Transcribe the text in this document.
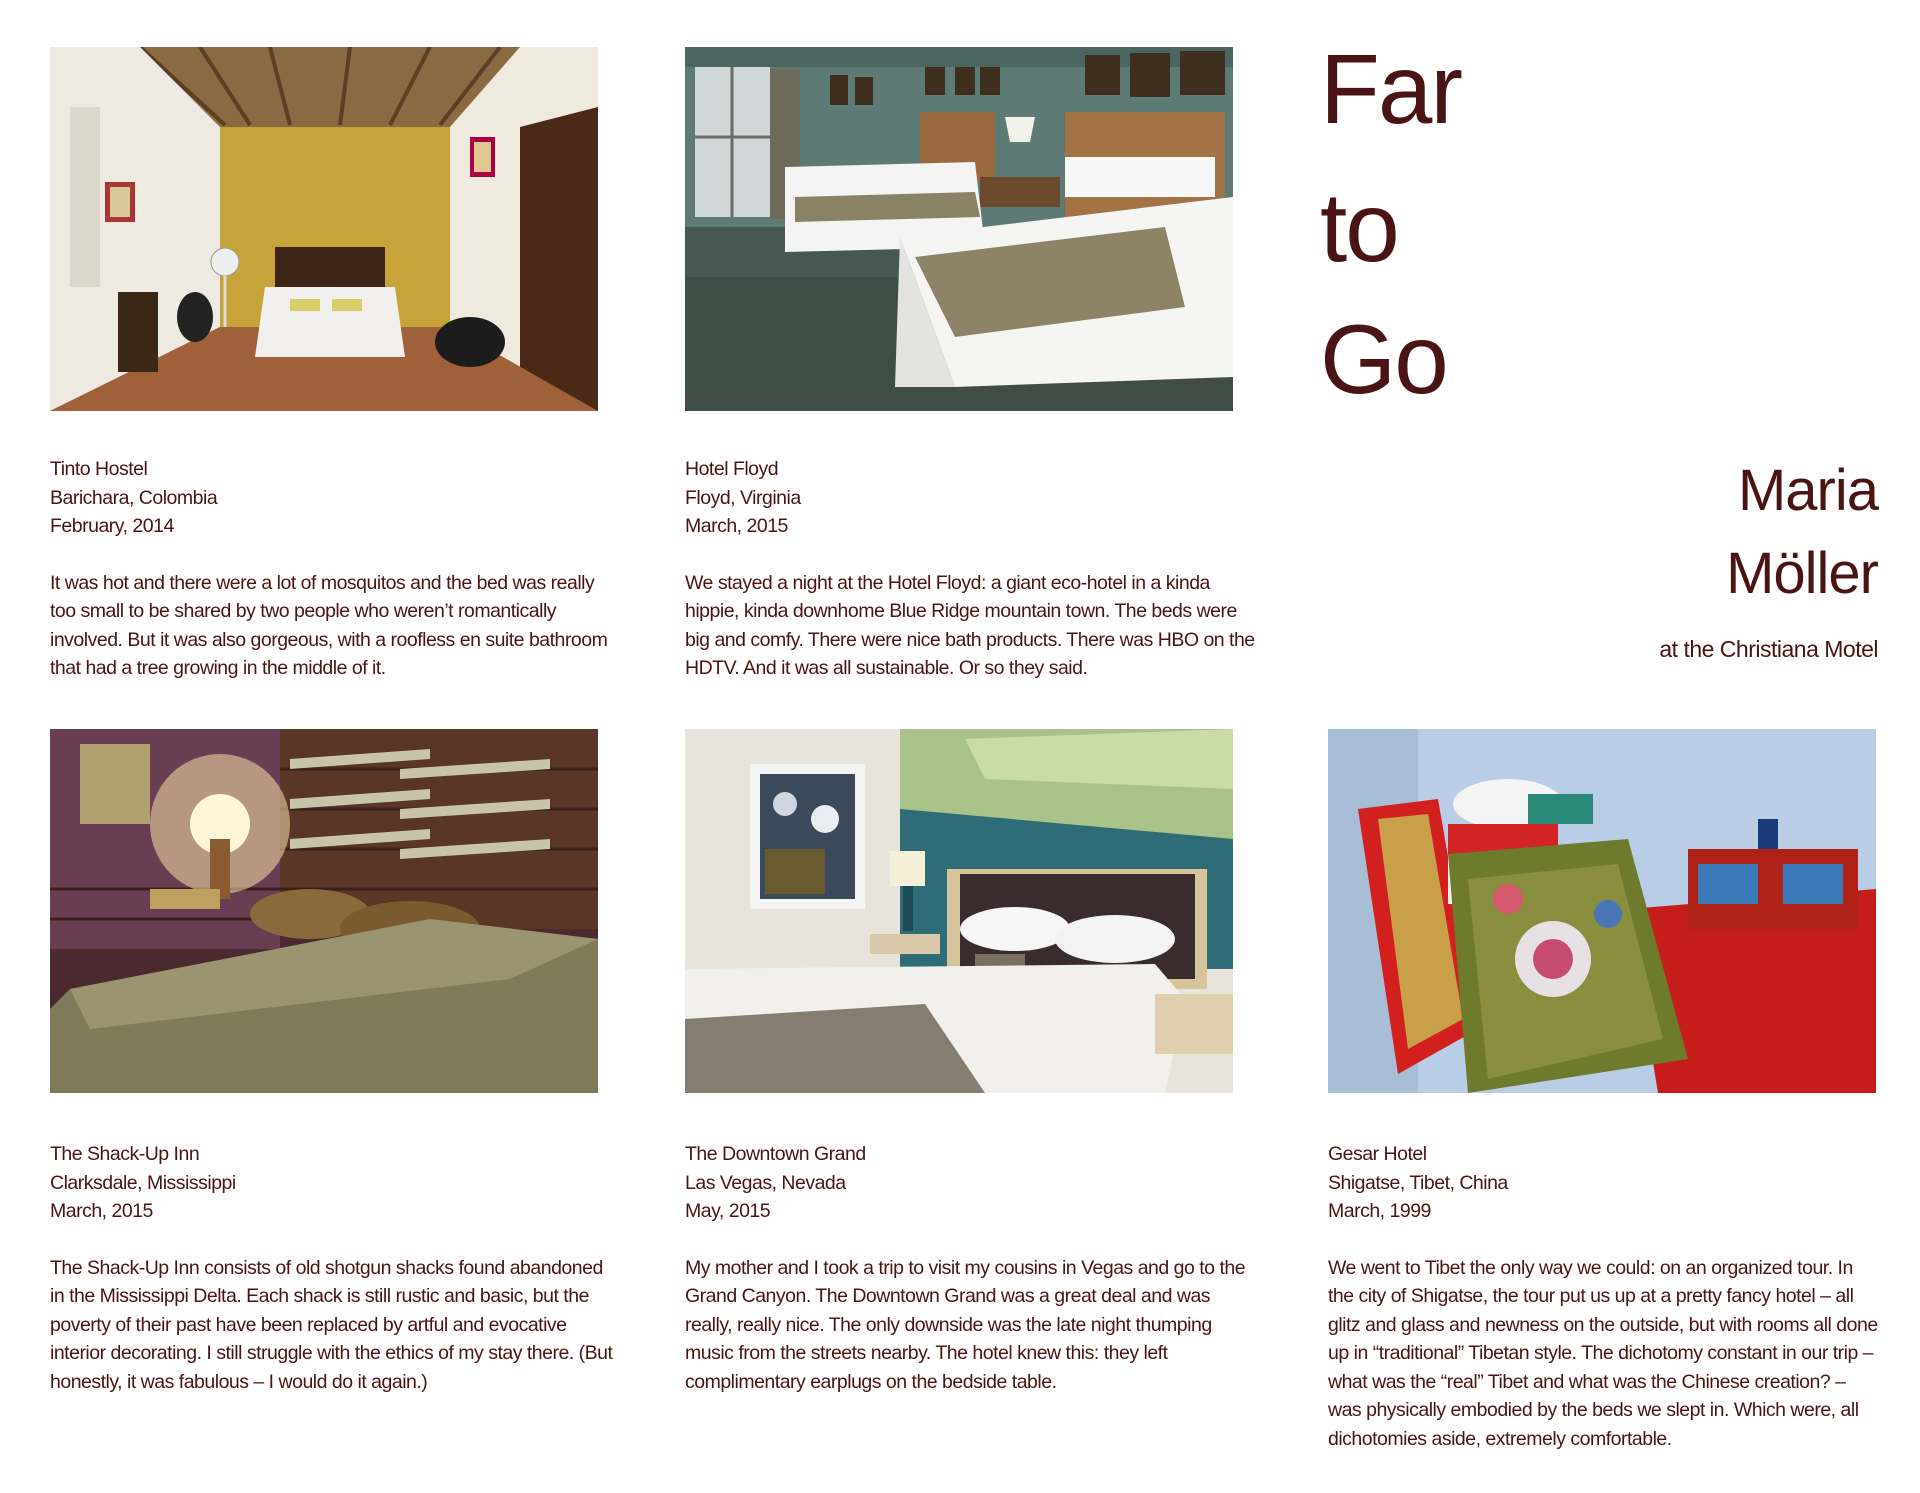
Tinto Hostel
Barichara, Colombia
February, 2014
It was hot and there were a lot of mosquitos and the bed was really too small to be shared by two people who weren’t romantically involved. But it was also gorgeous, with a roofless en suite bathroom that had a tree growing in the middle of it.
Hotel Floyd
Floyd, Virginia
March, 2015
We stayed a night at the Hotel Floyd: a giant eco-hotel in a kinda hippie, kinda downhome Blue Ridge mountain town. The beds were big and comfy. There were nice bath products. There was HBO on the HDTV. And it was all sustainable. Or so they said.
The Shack-Up Inn
Clarksdale, Mississippi
March, 2015
The Shack-Up Inn consists of old shotgun shacks found abandoned in the Mississippi Delta. Each shack is still rustic and basic, but the poverty of their past have been replaced by artful and evocative interior decorating. I still struggle with the ethics of my stay there. (But honestly, it was fabulous – I would do it again.)
The Downtown Grand
Las Vegas, Nevada
May, 2015
My mother and I took a trip to visit my cousins in Vegas and go to the Grand Canyon. The Downtown Grand was a great deal and was really, really nice. The only downside was the late night thumping music from the streets nearby. The hotel knew this: they left complimentary earplugs on the bedside table.
Gesar Hotel
Shigatse, Tibet, China
March, 1999
We went to Tibet the only way we could: on an organized tour. In the city of Shigatse, the tour put us up at a pretty fancy hotel – all glitz and glass and newness on the outside, but with rooms all done up in “traditional” Tibetan style. The dichotomy constant in our trip – what was the “real” Tibet and what was the Chinese creation? – was physically embodied by the beds we slept in. Which were, all dichotomies aside, extremely comfortable.
Far
to
Go
Maria
Möller
at the Christiana Motel
